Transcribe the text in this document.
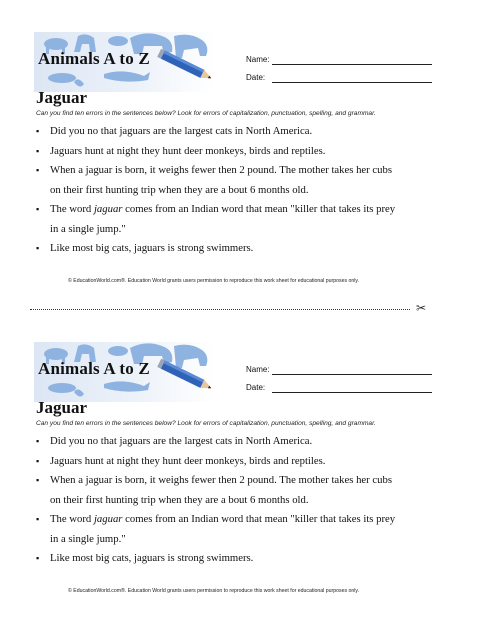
Animals A to Z	Name:
Date:
Jaguar
Can you find ten errors in the sentences below? Look for errors of capitalization, punctuation, spelling, and grammar.
▪ Did you no that jaguars are the largest cats in North America.
▪ Jaguars hunt at night they hunt deer monkeys, birds and reptiles.
▪ When a jaguar is born, it weighs fewer then 2 pound. The mother takes her cubs
on their first hunting trip when they are a bout 6 months old.
▪ The word jaguar comes from an Indian word that mean "killer that takes its prey
in a single jump."
▪ Like most big cats, jaguars is strong swimmers.
© EducationWorld.com®. Education World grants users permission to reproduce this work sheet for educational purposes only.
✂
Animals A to Z	Name:
Date:
Jaguar
Can you find ten errors in the sentences below? Look for errors of capitalization, punctuation, spelling, and grammar.
▪ Did you no that jaguars are the largest cats in North America.
▪ Jaguars hunt at night they hunt deer monkeys, birds and reptiles.
▪ When a jaguar is born, it weighs fewer then 2 pound. The mother takes her cubs
on their first hunting trip when they are a bout 6 months old.
▪ The word jaguar comes from an Indian word that mean "killer that takes its prey
in a single jump."
▪ Like most big cats, jaguars is strong swimmers.
© EducationWorld.com®. Education World grants users permission to reproduce this work sheet for educational purposes only.
